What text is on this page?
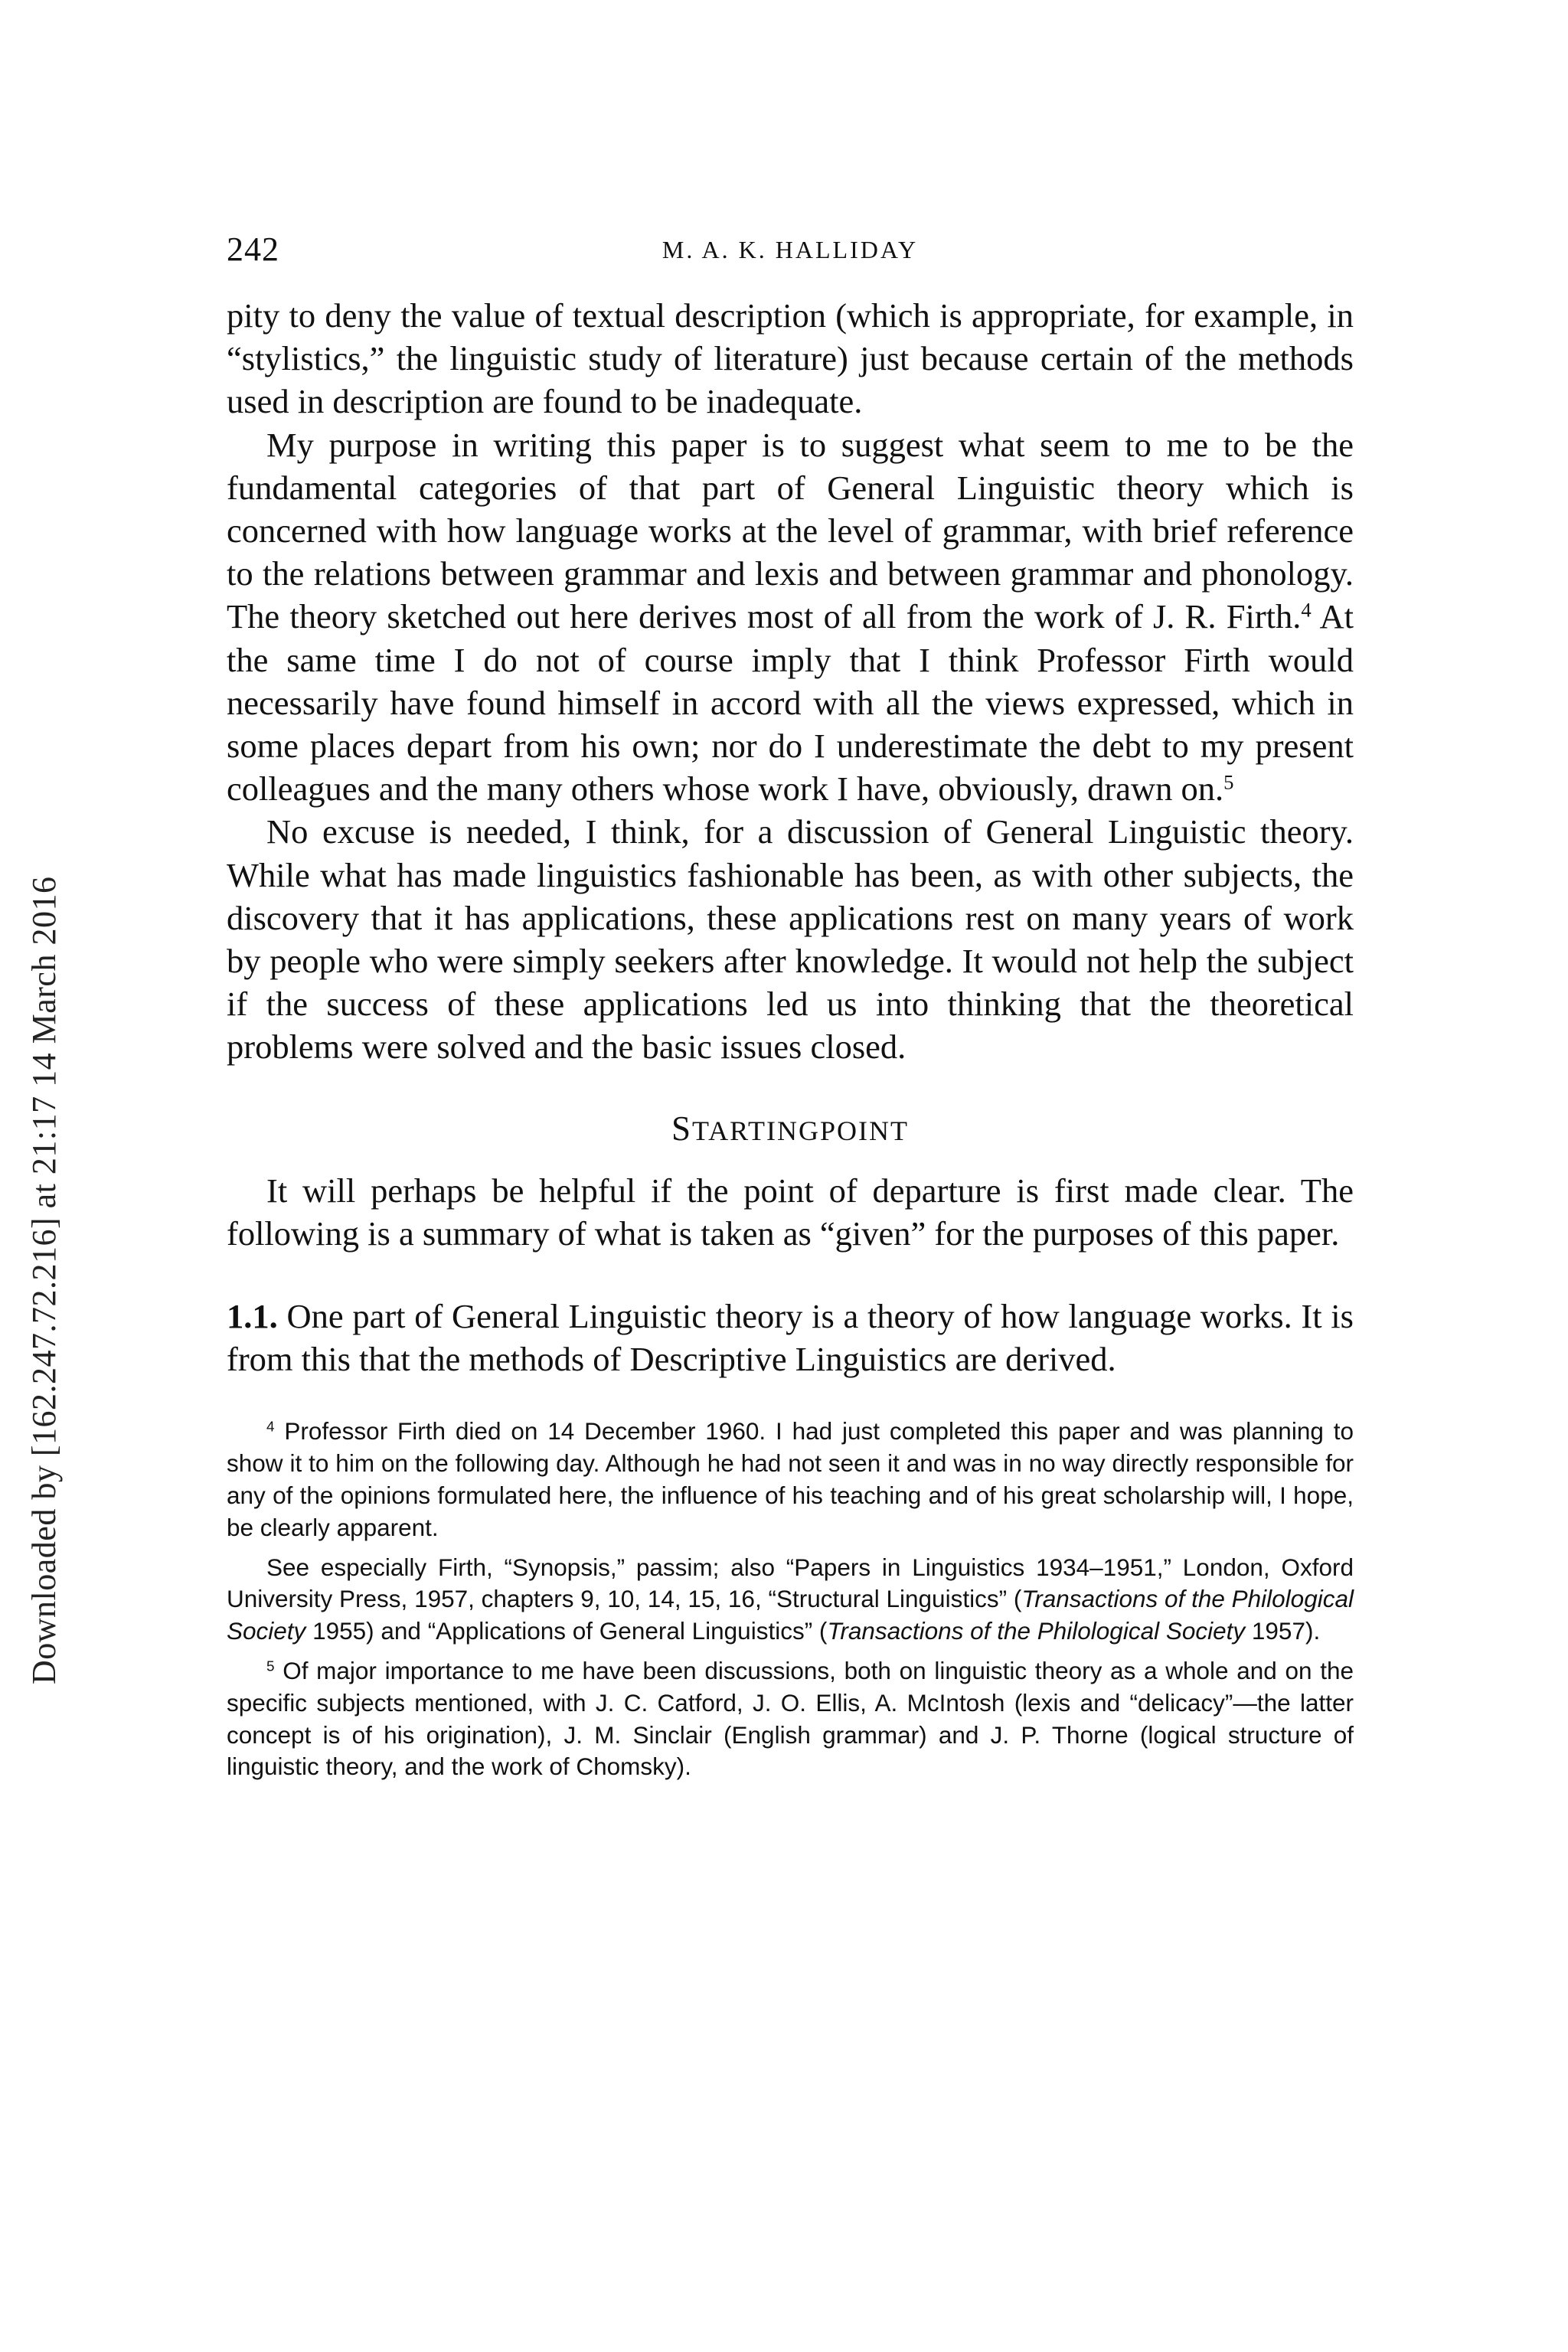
Downloaded by [162.247.72.216] at 21:17 14 March 2016
242	M. A. K. HALLIDAY

pity to deny the value of textual description (which is appropriate, for example, in “stylistics,” the linguistic study of literature) just because certain of the methods used in description are found to be inadequate.

My purpose in writing this paper is to suggest what seem to me to be the fundamental categories of that part of General Linguistic theory which is concerned with how language works at the level of grammar, with brief reference to the relations between grammar and lexis and between grammar and phonology. The theory sketched out here derives most of all from the work of J. R. Firth.$^4$ At the same time I do not of course imply that I think Professor Firth would necessarily have found himself in accord with all the views expressed, which in some places depart from his own; nor do I underestimate the debt to my present colleagues and the many others whose work I have, obviously, drawn on.$^5$

No excuse is needed, I think, for a discussion of General Linguistic theory. While what has made linguistics fashionable has been, as with other subjects, the discovery that it has applications, these applications rest on many years of work by people who were simply seekers after knowledge. It would not help the subject if the success of these applications led us into thinking that the theoretical problems were solved and the basic issues closed.

STARTINGPOINT

It will perhaps be helpful if the point of departure is first made clear. The following is a summary of what is taken as “given” for the purposes of this paper.

1.1. One part of General Linguistic theory is a theory of how language works. It is from this that the methods of Descriptive Linguistics are derived.

$^4$ Professor Firth died on 14 December 1960. I had just completed this paper and was planning to show it to him on the following day. Although he had not seen it and was in no way directly responsible for any of the opinions formulated here, the influence of his teaching and of his great scholarship will, I hope, be clearly apparent.

See especially Firth, “Synopsis,” passim; also “Papers in Linguistics 1934–1951,” London, Oxford University Press, 1957, chapters 9, 10, 14, 15, 16, “Structural Linguistics” (Transactions of the Philological Society 1955) and “Applications of General Linguistics” (Transactions of the Philological Society 1957).

$^5$ Of major importance to me have been discussions, both on linguistic theory as a whole and on the specific subjects mentioned, with J. C. Catford, J. O. Ellis, A. McIntosh (lexis and “delicacy”—the latter concept is of his origination), J. M. Sinclair (English grammar) and J. P. Thorne (logical structure of linguistic theory, and the work of Chomsky).
